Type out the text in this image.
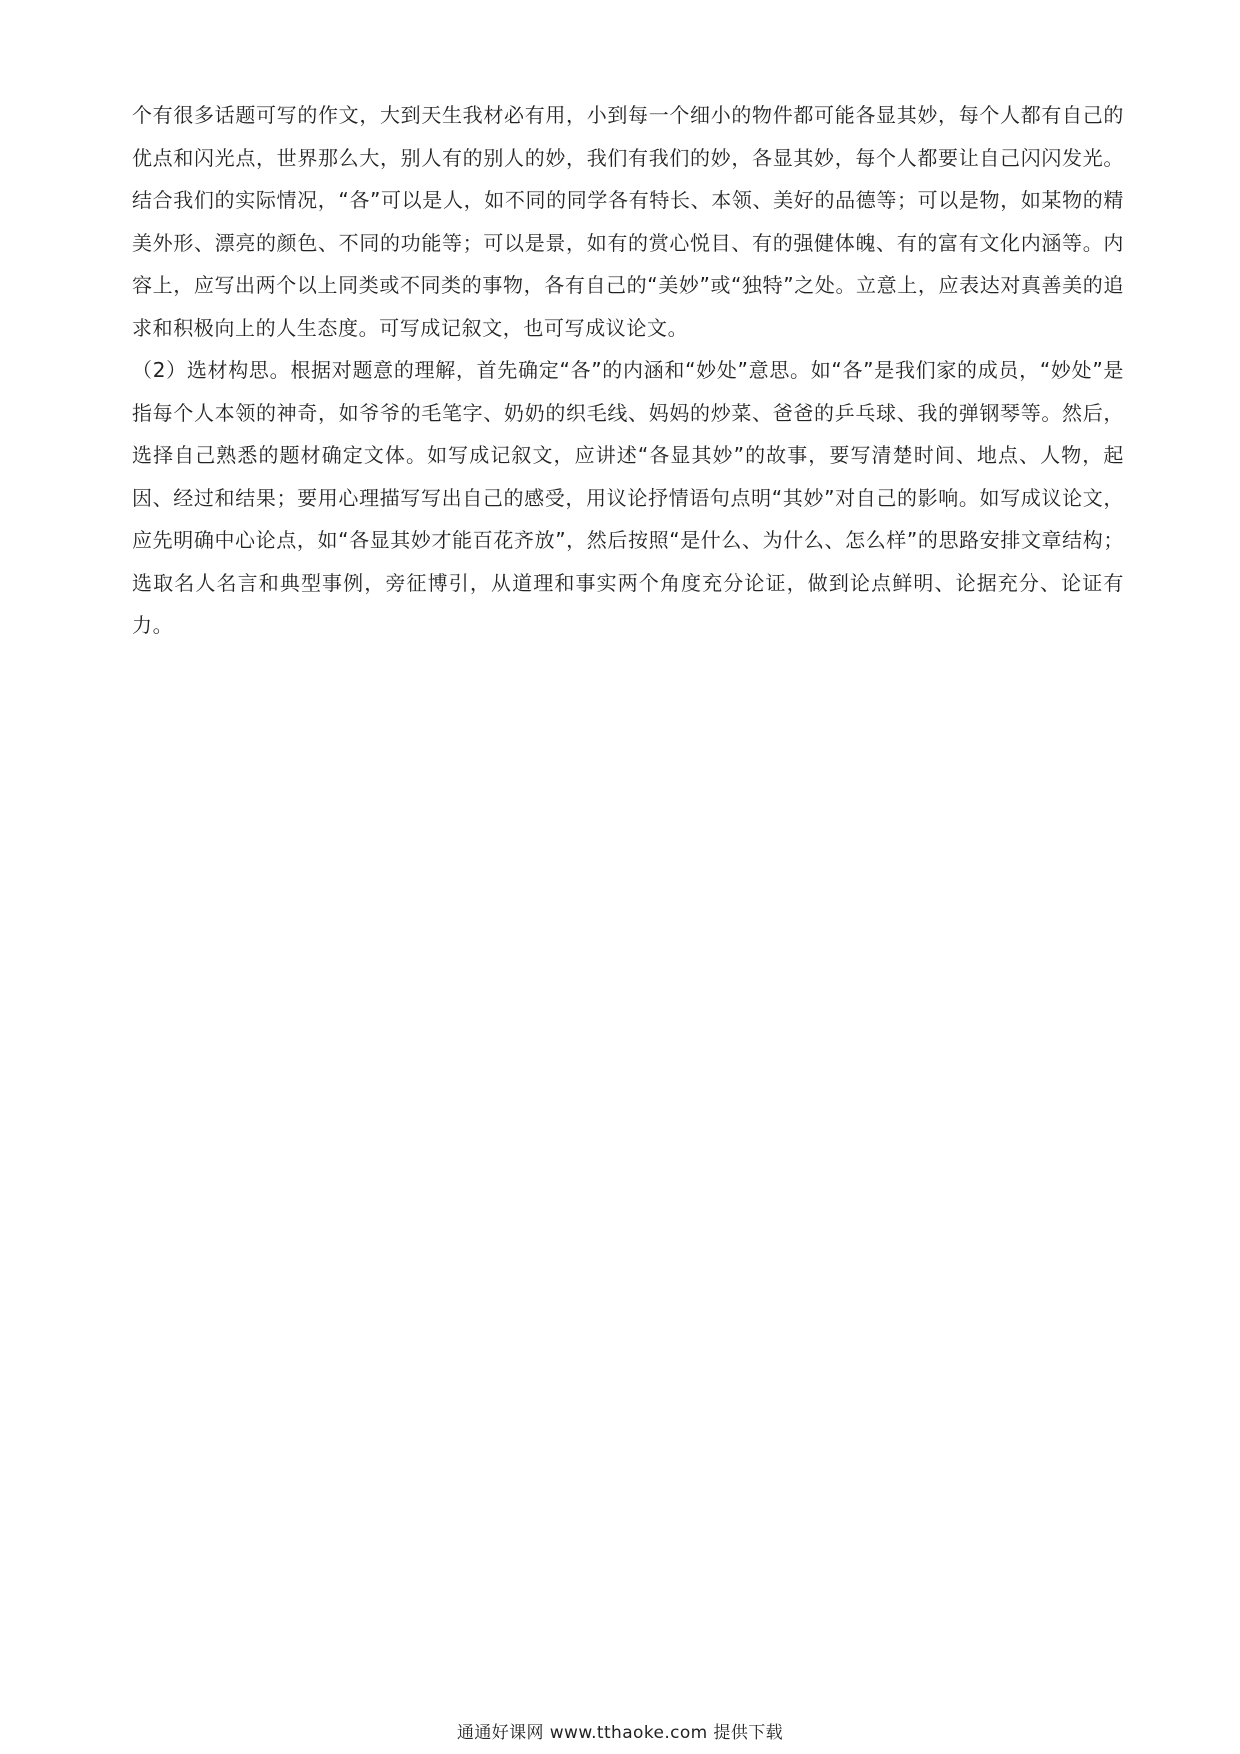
个有很多话题可写的作文，大到天生我材必有用，小到每一个细小的物件都可能各显其妙，每个人都有自己的优点和闪光点，世界那么大，别人有的别人的妙，我们有我们的妙，各显其妙，每个人都要让自己闪闪发光。结合我们的实际情况，“各”可以是人，如不同的同学各有特长、本领、美好的品德等；可以是物，如某物的精美外形、漂亮的颜色、不同的功能等；可以是景，如有的赏心悦目、有的强健体魄、有的富有文化内涵等。内容上，应写出两个以上同类或不同类的事物，各有自己的“美妙”或“独特”之处。立意上，应表达对真善美的追求和积极向上的人生态度。可写成记叙文，也可写成议论文。

（2）选材构思。根据对题意的理解，首先确定“各”的内涵和“妙处”意思。如“各”是我们家的成员，“妙处”是指每个人本领的神奇，如爷爷的毛笔字、奶奶的织毛线、妈妈的炒菜、爸爸的乒乓球、我的弹钢琴等。然后，选择自己熟悉的题材确定文体。如写成记叙文，应讲述“各显其妙”的故事，要写清楚时间、地点、人物，起因、经过和结果；要用心理描写写出自己的感受，用议论抒情语句点明“其妙”对自己的影响。如写成议论文，应先明确中心论点，如“各显其妙才能百花齐放”，然后按照“是什么、为什么、怎么样”的思路安排文章结构；选取名人名言和典型事例，旁征博引，从道理和事实两个角度充分论证，做到论点鲜明、论据充分、论证有力。

通通好课网 www.tthaoke.com 提供下载
